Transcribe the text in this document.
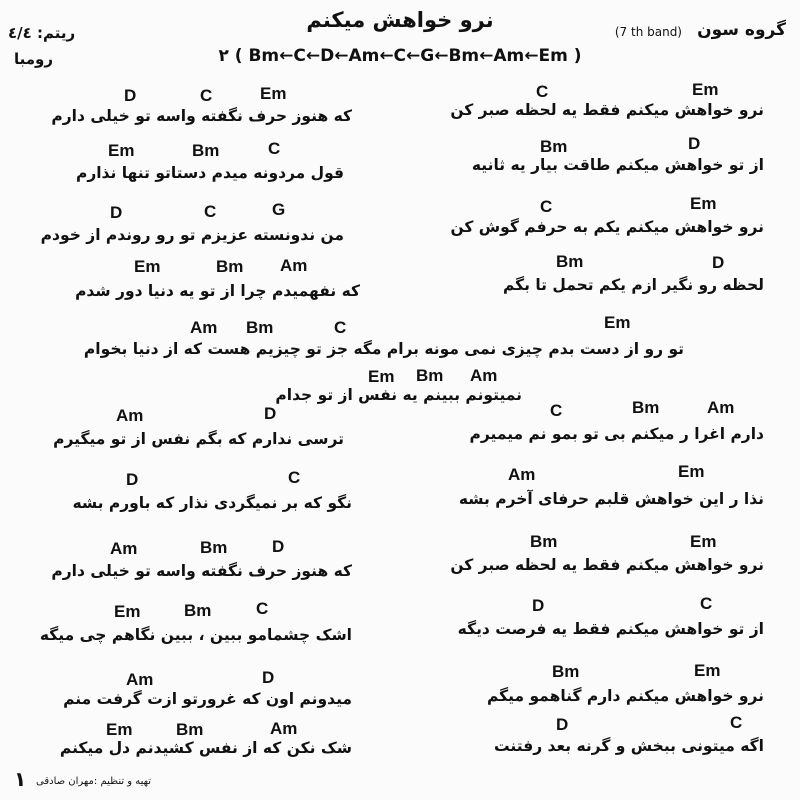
نرو خواهش میکنم	گروه سون
(7 th band)
ریتم: ٤/٤
رومبا	۲ ( Bm←C←D←Am←C←G←Bm←Am←Em )
C	Em
نرو خواهش میکنم فقط یه لحظه صبر کن
Bm	D
از تو خواهش میکنم طاقت بیار یه ثانیه
C	Em
نرو خواهش میکنم یکم به حرفم گوش کن
Bm	D
لحظه رو نگیر ازم یکم تحمل تا بگم
C	Bm	Am
دارم اغرا ر میکنم بی تو بمو نم میمیرم
Am	Em
نذا ر این خواهش قلبم حرفای آخرم بشه
Bm	Em
نرو خواهش میکنم فقط یه لحظه صبر کن
D	C
از تو خواهش میکنم فقط یه فرصت دیگه
Bm	Em
نرو خواهش میکنم دارم گناهمو میگم
D	C
اگه میتونی ببخش و گرنه بعد رفتنت
D	C	Em
که هنوز حرف نگفته واسه تو خیلی دارم
Em	Bm	C
قول مردونه میدم دستاتو تنها نذارم
D	C	G
من ندونسته عزیزم تو رو روندم از خودم
Em	Bm Am
که نفهمیدم چرا از تو یه دنیا دور شدم
Am	D
ترسی ندارم که بگم نفس از تو میگیرم
D	C
نگو که بر نمیگردی نذار که باورم بشه
Am	Bm	D
که هنوز حرف نگفته واسه تو خیلی دارم
Em	Bm	C
اشک چشمامو ببین ، ببین نگاهم چی میگه
Am	D
میدونم اون که غرورتو ازت گرفت منم
Em	Bm	Am
شک نکن که از نفس کشیدنم دل میکنم
Am Bm	C	Em
تو رو از دست بدم چیزی نمی مونه برام مگه جز تو چیزیم هست که از دنیا بخوام
Em Bm Am
نمیتونم ببینم یه نفس از تو جدام
۱ تهیه و تنظیم :مهران صادقی
